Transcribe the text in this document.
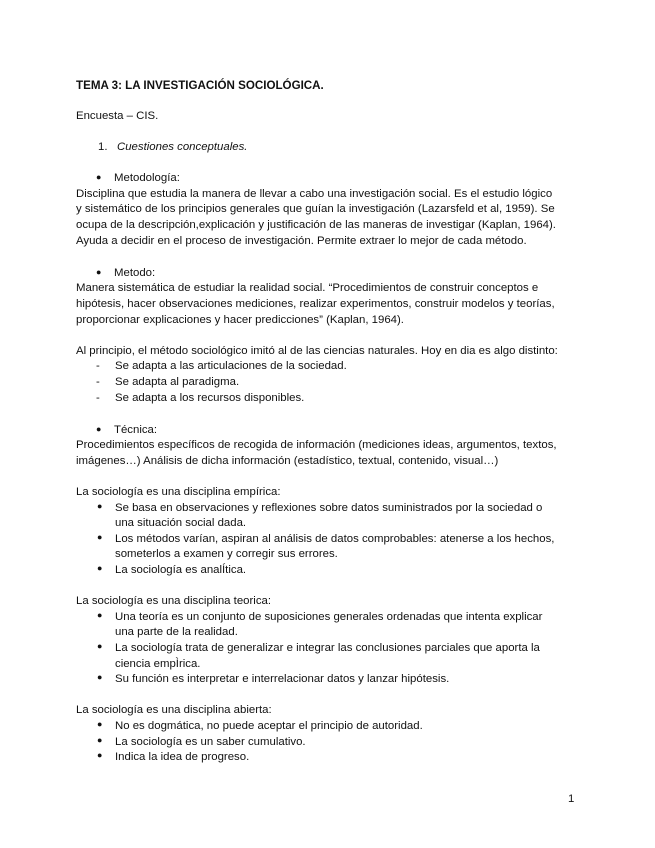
TEMA 3: LA INVESTIGACIÓN SOCIOLÓGICA.
Encuesta – CIS.
1. Cuestiones conceptuales.
● Metodología:
Disciplina que estudia la manera de llevar a cabo una investigación social. Es el estudio lógico
y sistemático de los principios generales que guían la investigación (Lazarsfeld et al, 1959). Se
ocupa de la descripción,explicación y justificación de las maneras de investigar (Kaplan, 1964).
Ayuda a decidir en el proceso de investigación. Permite extraer lo mejor de cada método.
● Metodo:
Manera sistemática de estudiar la realidad social. “Procedimientos de construir conceptos e
hipótesis, hacer observaciones mediciones, realizar experimentos, construir modelos y teorías,
proporcionar explicaciones y hacer predicciones” (Kaplan, 1964).
Al principio, el método sociológico imitó al de las ciencias naturales. Hoy en dia es algo distinto:
- Se adapta a las articulaciones de la sociedad.
- Se adapta al paradigma.
- Se adapta a los recursos disponibles.
● Técnica:
Procedimientos específicos de recogida de información (mediciones ideas, argumentos, textos,
imágenes…) Análisis de dicha información (estadístico, textual, contenido, visual…)
La sociología es una disciplina empírica:
● Se basa en observaciones y reflexiones sobre datos suministrados por la sociedad o
una situación social dada.
● Los métodos varían, aspiran al análisis de datos comprobables: atenerse a los hechos,
someterlos a examen y corregir sus errores.
● La sociología es analÍtica.
La sociología es una disciplina teorica:
● Una teoría es un conjunto de suposiciones generales ordenadas que intenta explicar
una parte de la realidad.
● La sociología trata de generalizar e integrar las conclusiones parciales que aporta la
ciencia empÌrica.
● Su función es interpretar e interrelacionar datos y lanzar hipótesis.
La sociología es una disciplina abierta:
● No es dogmática, no puede aceptar el principio de autoridad.
● La sociología es un saber cumulativo.
● Indica la idea de progreso.
1
